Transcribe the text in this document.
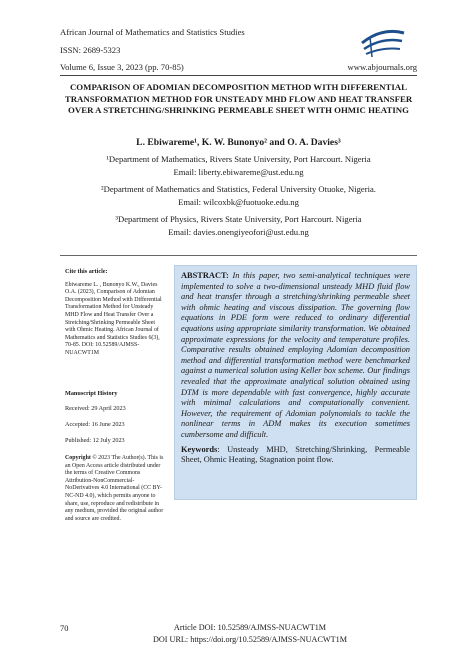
African Journal of Mathematics and Statistics Studies
ISSN: 2689-5323
Volume 6, Issue 3, 2023 (pp. 70-85)	www.abjournals.org
COMPARISON OF ADOMIAN DECOMPOSITION METHOD WITH DIFFERENTIAL TRANSFORMATION METHOD FOR UNSTEADY MHD FLOW AND HEAT TRANSFER OVER A STRETCHING/SHRINKING PERMEABLE SHEET WITH OHMIC HEATING
L. Ebiwareme¹, K. W. Bunonyo² and O. A. Davies³
¹Department of Mathematics, Rivers State University, Port Harcourt. Nigeria
Email: liberty.ebiwareme@ust.edu.ng
²Department of Mathematics and Statistics, Federal University Otuoke, Nigeria.
Email: wilcoxbk@fuotuoke.edu.ng
³Department of Physics, Rivers State University, Port Harcourt. Nigeria
Email: davies.onengiyeofori@ust.edu.ng
Cite this article:
Ebiwareme L. , Bunonyo K.W., Davies O.A. (2023), Comparison of Adomian Decomposition Method with Differential Transformation Method for Unsteady MHD Flow and Heat Transfer Over a Stretching/Shrinking Permeable Sheet with Ohmic Heating. African Journal of Mathematics and Statistics Studies 6(3), 70-85. DOI: 10.52589/AJMSS-NUACWT1M
Manuscript History
Received: 29 April 2023
Accepted: 16 June 2023
Published: 12 July 2023
Copyright © 2023 The Author(s). This is an Open Access article distributed under the terms of Creative Commons Attribution-NonCommercial-NoDerivatives 4.0 International (CC BY-NC-ND 4.0), which permits anyone to share, use, reproduce and redistribute in any medium, provided the original author and source are credited.
ABSTRACT: In this paper, two semi-analytical techniques were implemented to solve a two-dimensional unsteady MHD fluid flow and heat transfer through a stretching/shrinking permeable sheet with ohmic heating and viscous dissipation. The governing flow equations in PDE form were reduced to ordinary differential equations using appropriate similarity transformation. We obtained approximate expressions for the velocity and temperature profiles. Comparative results obtained employing Adomian decomposition method and differential transformation method were benchmarked against a numerical solution using Keller box scheme. Our findings revealed that the approximate analytical solution obtained using DTM is more dependable with fast convergence, highly accurate with minimal calculations and computationally convenient. However, the requirement of Adomian polynomials to tackle the nonlinear terms in ADM makes its execution sometimes cumbersome and difficult.
Keywords: Unsteady MHD, Stretching/Shrinking, Permeable Sheet, Ohmic Heating, Stagnation point flow.
70	Article DOI: 10.52589/AJMSS-NUACWT1M
DOI URL: https://doi.org/10.52589/AJMSS-NUACWT1M
